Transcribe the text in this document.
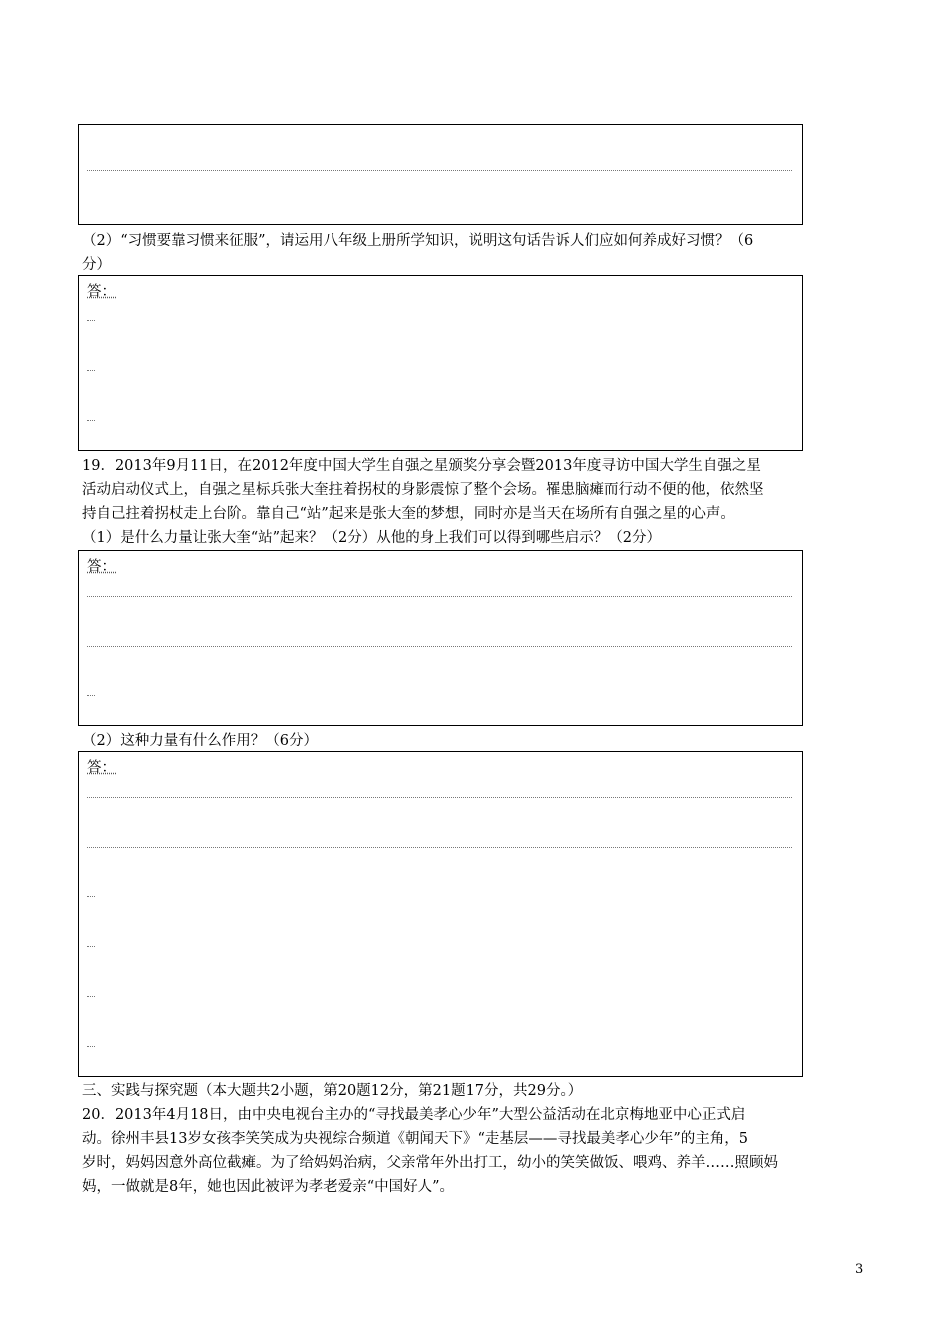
（2）“习惯要靠习惯来征服”，请运用八年级上册所学知识，说明这句话告诉人们应如何养成好习惯？（6
分）

答：

19．2013年9月11日，在2012年度中国大学生自强之星颁奖分享会暨2013年度寻访中国大学生自强之星
活动启动仪式上，自强之星标兵张大奎拄着拐杖的身影震惊了整个会场。罹患脑瘫而行动不便的他，依然坚
持自己拄着拐杖走上台阶。靠自己“站”起来是张大奎的梦想，同时亦是当天在场所有自强之星的心声。
（1）是什么力量让张大奎“站”起来？（2分）从他的身上我们可以得到哪些启示？（2分）

答：

（2）这种力量有什么作用？（6分）

答：

三、实践与探究题（本大题共2小题，第20题12分，第21题17分，共29分。）
20．2013年4月18日，由中央电视台主办的“寻找最美孝心少年”大型公益活动在北京梅地亚中心正式启
动。徐州丰县13岁女孩李笑笑成为央视综合频道《朝闻天下》“走基层——寻找最美孝心少年”的主角，5
岁时，妈妈因意外高位截瘫。为了给妈妈治病，父亲常年外出打工，幼小的笑笑做饭、喂鸡、养羊……照顾妈
妈，一做就是8年，她也因此被评为孝老爱亲“中国好人”。

3
